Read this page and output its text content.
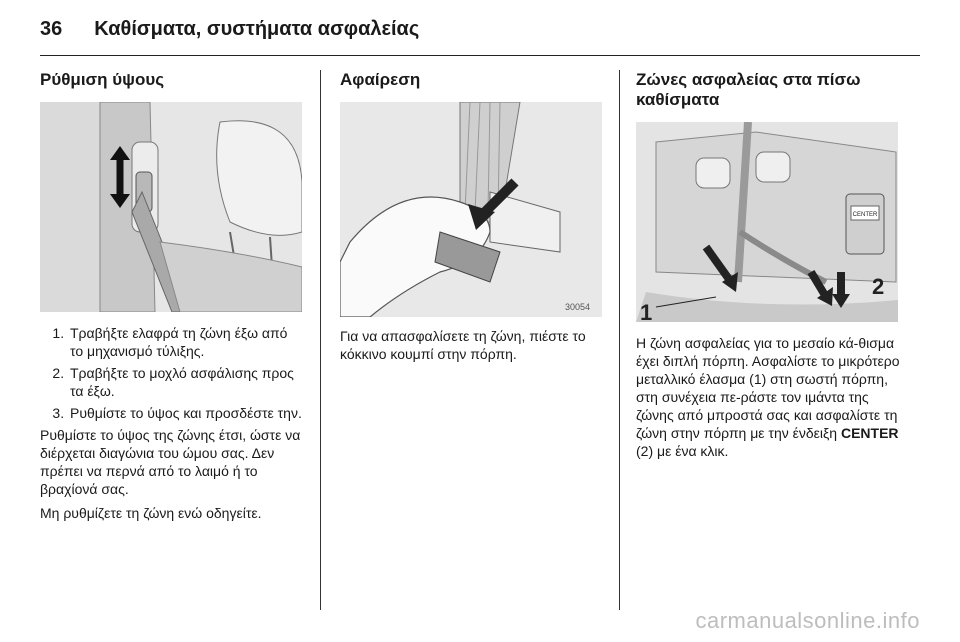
36 Καθίσματα, συστήματα ασφαλείας
Ρύθμιση ύψους
1. Τραβήξτε ελαφρά τη ζώνη έξω από το μηχανισμό τύλιξης.
2. Τραβήξτε το μοχλό ασφάλισης προς τα έξω.
3. Ρυθμίστε το ύψος και προσδέστε την.

Ρυθμίστε το ύψος της ζώνης έτσι, ώστε να διέρχεται διαγώνια του ώμου σας. Δεν πρέπει να περνά από το λαιμό ή το βραχίονά σας.

Μη ρυθμίζετε τη ζώνη ενώ οδηγείτε.

Αφαίρεση
30054

Για να απασφαλίσετε τη ζώνη, πιέστε το κόκκινο κουμπί στην πόρπη.

Ζώνες ασφαλείας στα πίσω καθίσματα
CENTER
1
2

Η ζώνη ασφαλείας για το μεσαίο κά-θισμα έχει διπλή πόρπη. Ασφαλίστε το μικρότερο μεταλλικό έλασμα (1) στη σωστή πόρπη, στη συνέχεια πε-ράστε τον ιμάντα της ζώνης από μπροστά σας και ασφαλίστε τη ζώνη στην πόρπη με την ένδειξη CENTER (2) με ένα κλικ.

carmanualsonline.info
